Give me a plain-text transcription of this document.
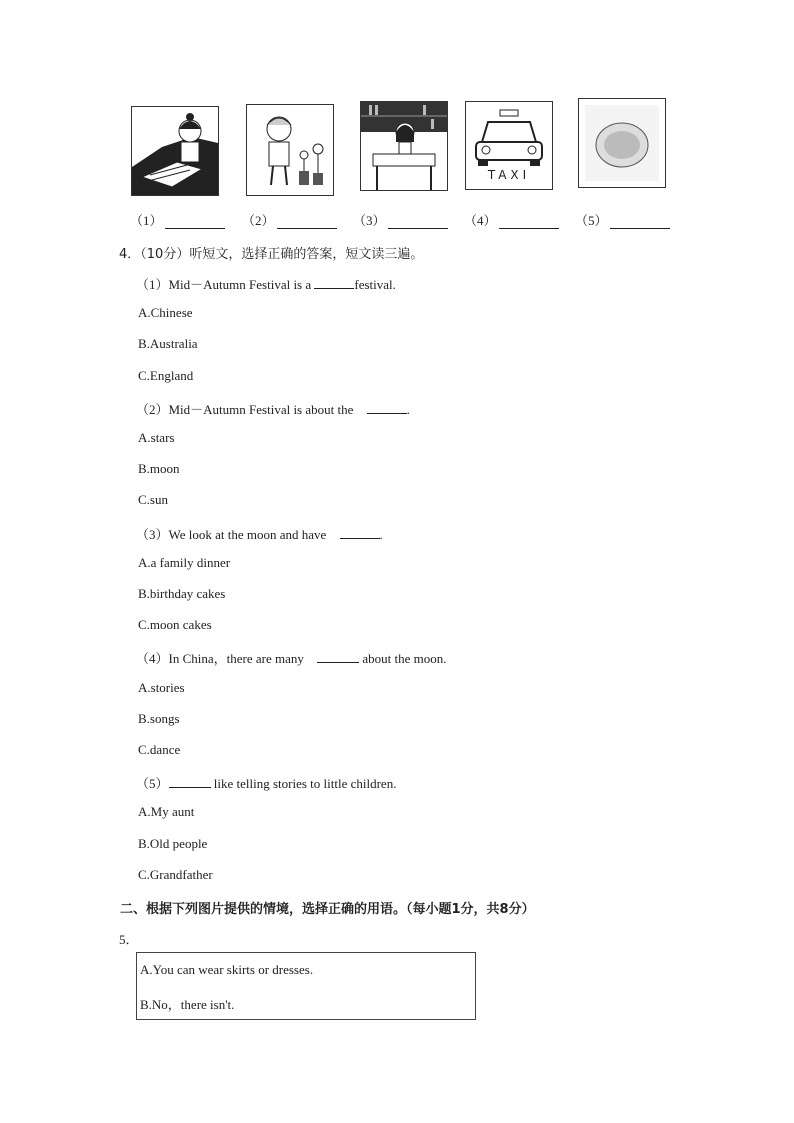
TAXI
（1）	（2）	（3）	（4）	（5）
4．（10分）听短文，选择正确的答案，短文读三遍。
（1）Mid－Autumn Festival is a	festival.
A.Chinese
B.Australia
C.England
（2）Mid－Autumn Festival is about the	.
A.stars
B.moon
C.sun
（3）We look at the moon and have	.
A.a family dinner
B.birthday cakes
C.moon cakes
（4）In China，there are many	about the moon.
A.stories
B.songs
C.dance
（5）	like telling stories to little children.
A.My aunt
B.Old people
C.Grandfather
二、根据下列图片提供的情境，选择正确的用语。（每小题1分，共8分）
5．
A.You can wear skirts or dresses.
B.No，there isn't.
